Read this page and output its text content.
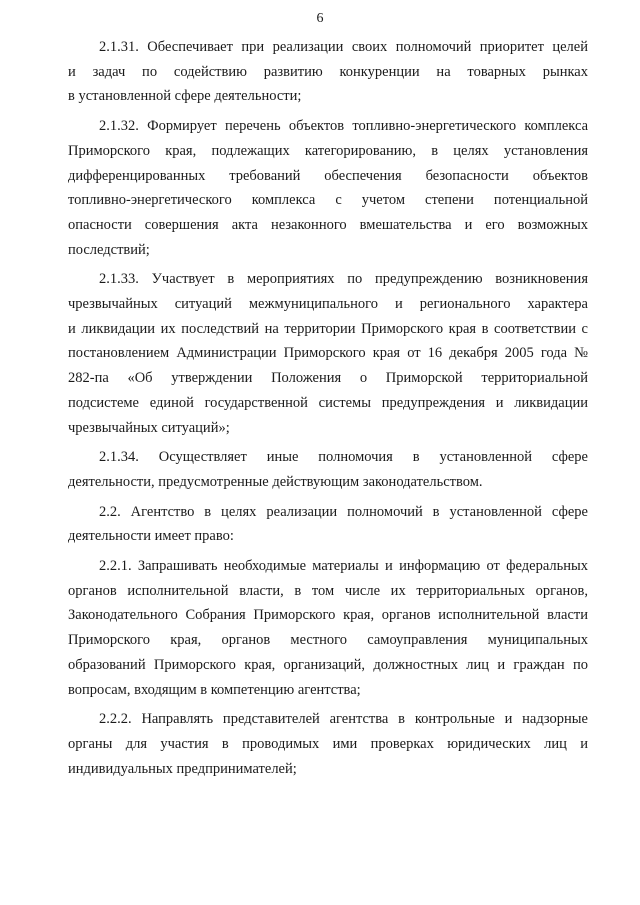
6
2.1.31. Обеспечивает при реализации своих полномочий приоритет целей
и задач по содействию развитию конкуренции на товарных рынках
в установленной сфере деятельности;
2.1.32. Формирует перечень объектов топливно-энергетического комплекса
Приморского края, подлежащих категорированию, в целях установления
дифференцированных требований обеспечения безопасности объектов
топливно-энергетического комплекса с учетом степени потенциальной
опасности совершения акта незаконного вмешательства и его возможных
последствий;
2.1.33. Участвует в мероприятиях по предупреждению возникновения
чрезвычайных ситуаций межмуниципального и регионального характера
и ликвидации их последствий на территории Приморского края в соответствии с
постановлением Администрации Приморского края от 16 декабря 2005 года №
282-па «Об утверждении Положения о Приморской территориальной
подсистеме единой государственной системы предупреждения и ликвидации
чрезвычайных ситуаций»;
2.1.34. Осуществляет иные полномочия в установленной сфере
деятельности, предусмотренные действующим законодательством.
2.2. Агентство в целях реализации полномочий в установленной сфере
деятельности имеет право:
2.2.1. Запрашивать необходимые материалы и информацию от федеральных
органов исполнительной власти, в том числе их территориальных органов,
Законодательного Собрания Приморского края, органов исполнительной власти
Приморского края, органов местного самоуправления муниципальных
образований Приморского края, организаций, должностных лиц и граждан по
вопросам, входящим в компетенцию агентства;
2.2.2. Направлять представителей агентства в контрольные и надзорные
органы для участия в проводимых ими проверках юридических лиц и
индивидуальных предпринимателей;
